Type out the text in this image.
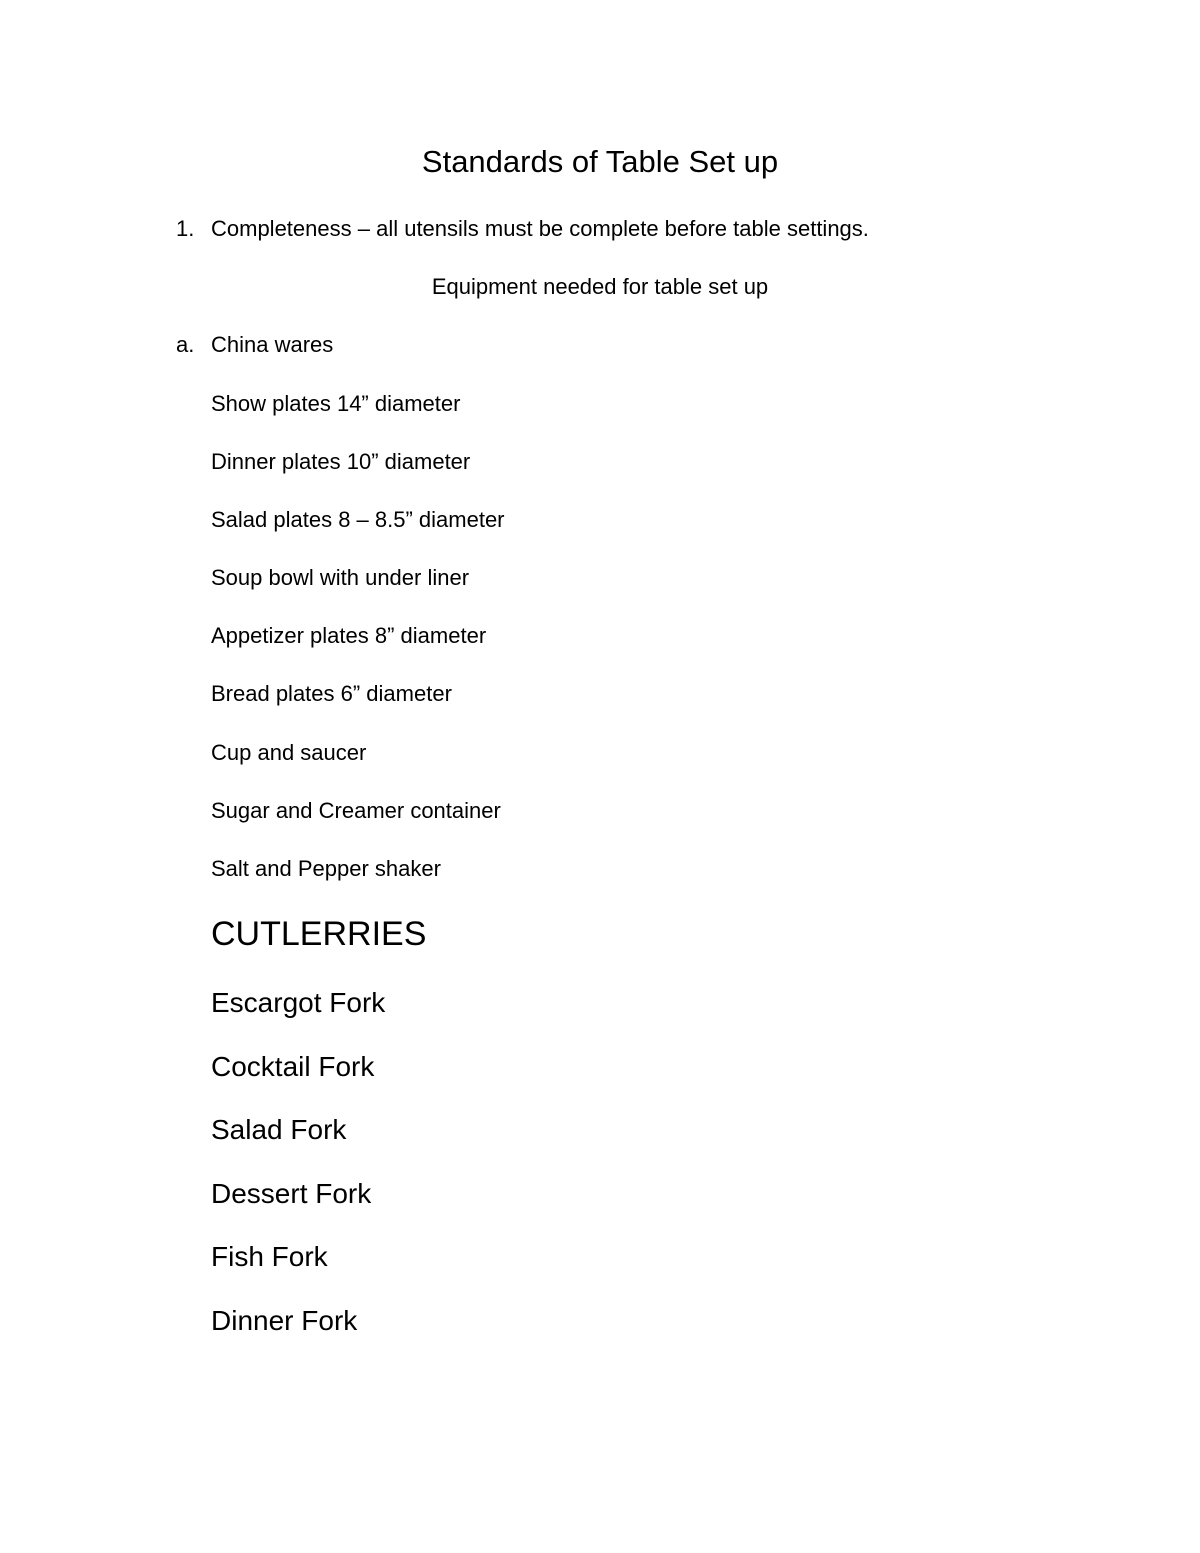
Standards of Table Set up
1. Completeness – all utensils must be complete before table settings.
Equipment needed for table set up
a. China wares
Show plates 14” diameter
Dinner plates 10” diameter
Salad plates 8 – 8.5” diameter
Soup bowl with under liner
Appetizer plates 8” diameter
Bread plates 6” diameter
Cup and saucer
Sugar and Creamer container
Salt and Pepper shaker
CUTLERRIES
Escargot Fork
Cocktail Fork
Salad Fork
Dessert Fork
Fish Fork
Dinner Fork
